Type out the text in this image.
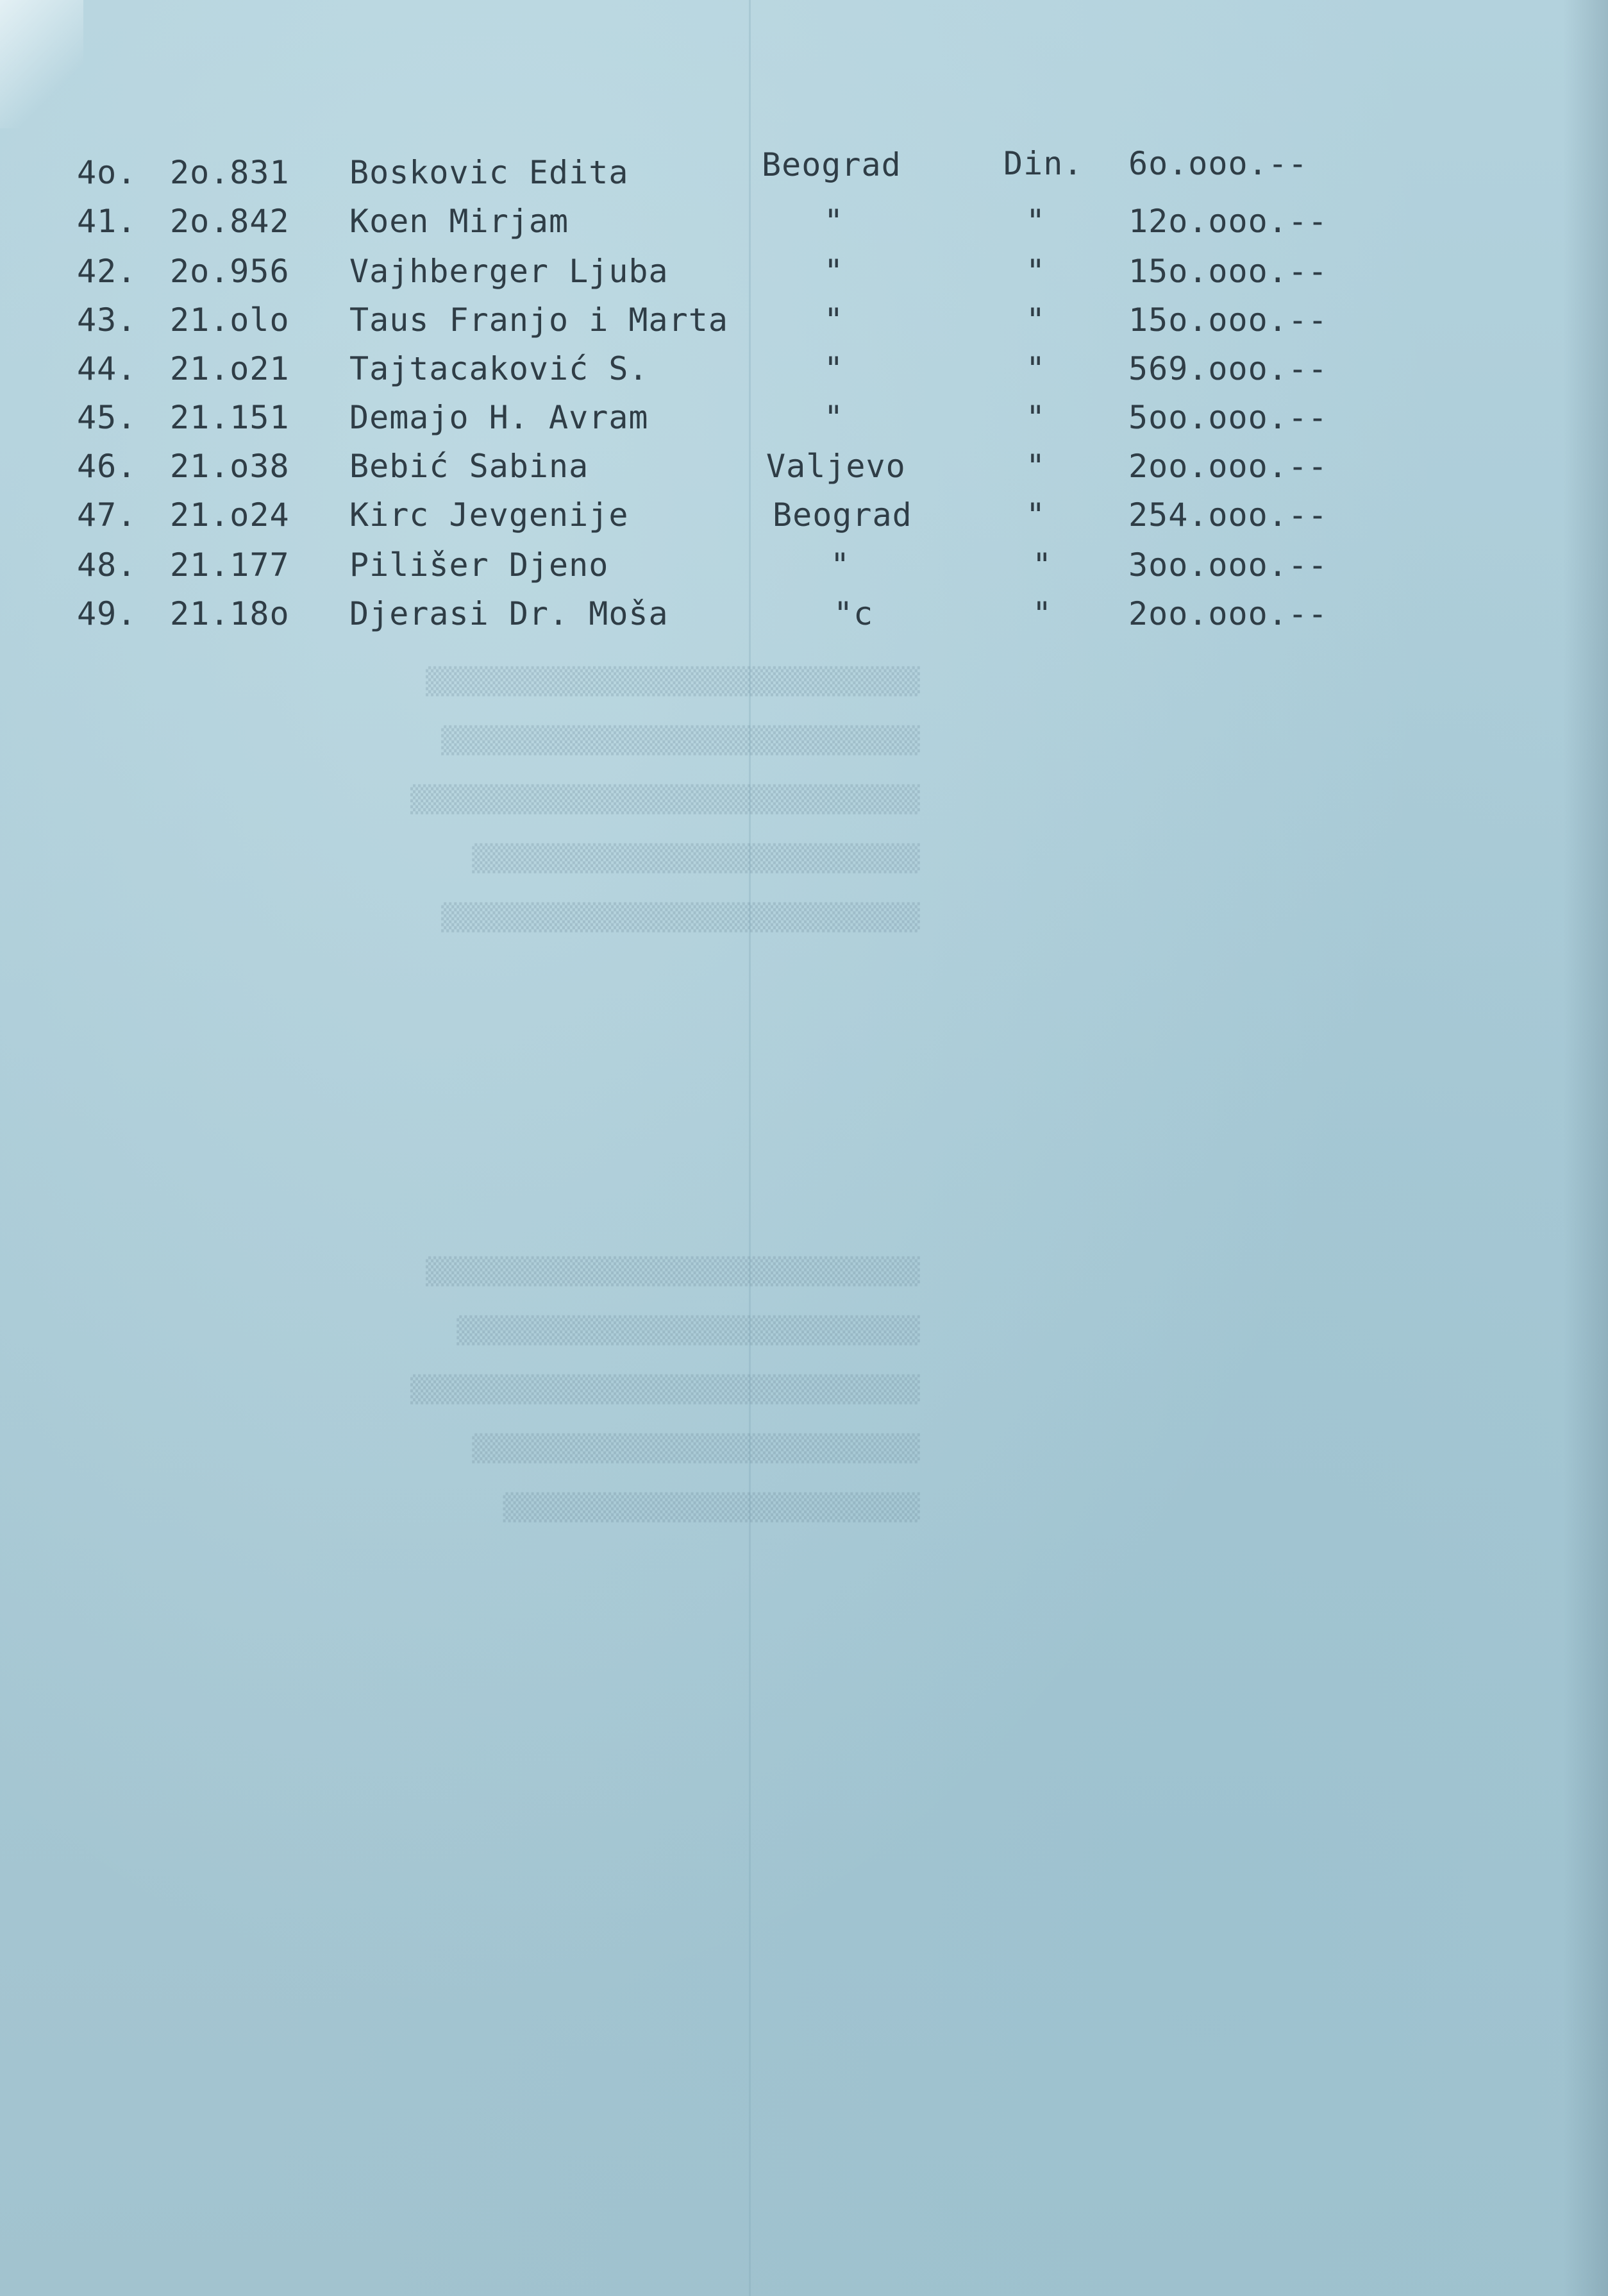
▒▒▒▒▒▒▒▒▒▒▒▒▒▒▒▒▒▒▒▒▒▒▒▒▒▒▒▒▒▒▒▒

▒▒▒▒▒▒▒▒▒▒▒▒▒▒▒▒▒▒▒▒▒▒▒▒▒▒▒▒▒▒▒

▒▒▒▒▒▒▒▒▒▒▒▒▒▒▒▒▒▒▒▒▒▒▒▒▒▒▒▒▒▒▒▒▒

▒▒▒▒▒▒▒▒▒▒▒▒▒▒▒▒▒▒▒▒▒▒▒▒▒▒▒▒▒

▒▒▒▒▒▒▒▒▒▒▒▒▒▒▒▒▒▒▒▒▒▒▒▒▒▒▒▒▒▒▒
▒▒▒▒▒▒▒▒▒▒▒▒▒▒▒▒▒▒▒▒▒▒▒▒▒▒▒▒▒▒▒▒

▒▒▒▒▒▒▒▒▒▒▒▒▒▒▒▒▒▒▒▒▒▒▒▒▒▒▒▒▒▒

▒▒▒▒▒▒▒▒▒▒▒▒▒▒▒▒▒▒▒▒▒▒▒▒▒▒▒▒▒▒▒▒▒

▒▒▒▒▒▒▒▒▒▒▒▒▒▒▒▒▒▒▒▒▒▒▒▒▒▒▒▒▒

▒▒▒▒▒▒▒▒▒▒▒▒▒▒▒▒▒▒▒▒▒▒▒▒▒▒▒
4o. 2o.831 Boskovic Edita	Beograd	Din. 6o.ooo.--
41. 2o.842 Koen Mirjam	"	"	12o.ooo.--
42. 2o.956 Vajhberger Ljuba	"	"	15o.ooo.--
43. 21.olo Taus Franjo i Marta	"	"	15o.ooo.--
44. 21.o21 Tajtacaković S.	"	"	569.ooo.--
45. 21.151 Demajo H. Avram	"	"	5oo.ooo.--
46. 21.o38 Bebić Sabina	Valjevo	"	2oo.ooo.--
47. 21.o24 Kirc Jevgenije	Beograd	"	254.ooo.--
48. 21.177 Pilišer Djeno	"	" 3oo.ooo.--
49. 21.18o Djerasi Dr. Moša	"c	" 2oo.ooo.--
